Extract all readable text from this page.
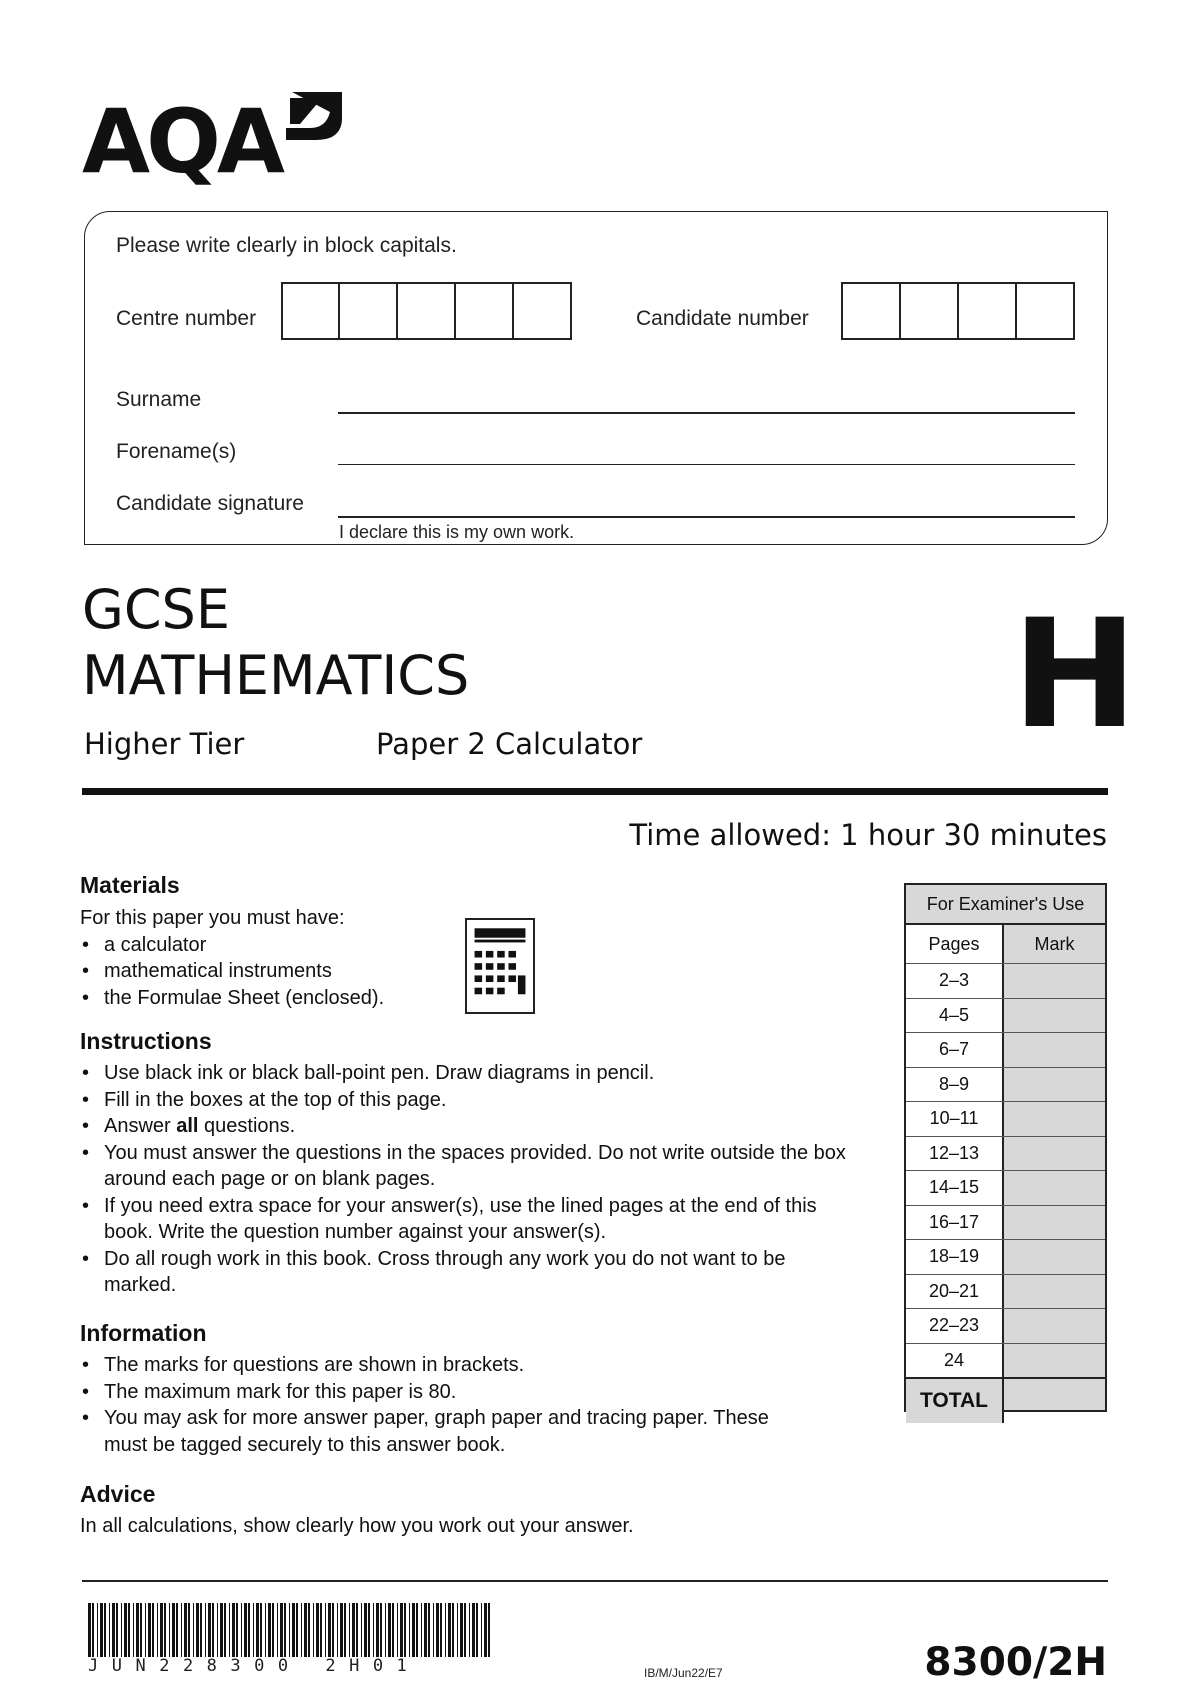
AQA
Please write clearly in block capitals.
Centre number	Candidate number
Surname
Forename(s)
Candidate signature
I declare this is my own work.
GCSE
MATHEMATICS
Higher Tier	Paper 2 Calculator H
Time allowed: 1 hour 30 minutes
Materials
For this paper you must have:
• a calculator
• mathematical instruments
• the Formulae Sheet (enclosed).
Instructions
• Use black ink or black ball-point pen. Draw diagrams in pencil.
• Fill in the boxes at the top of this page.
• Answer all questions.
• You must answer the questions in the spaces provided. Do not write outside the box around each page or on blank pages.
• If you need extra space for your answer(s), use the lined pages at the end of this book. Write the question number against your answer(s).
• Do all rough work in this book. Cross through any work you do not want to be marked.
Information
• The marks for questions are shown in brackets.
• The maximum mark for this paper is 80.
• You may ask for more answer paper, graph paper and tracing paper. These must be tagged securely to this answer book.
Advice
In all calculations, show clearly how you work out your answer.
For Examiner's Use
Pages	Mark
2–3
4–5
6–7
8–9
10–11
12–13
14–15
16–17
18–19
20–21
22–23
24
TOTAL
JUN228300 2H01	IB/M/Jun22/E7	8300/2H
